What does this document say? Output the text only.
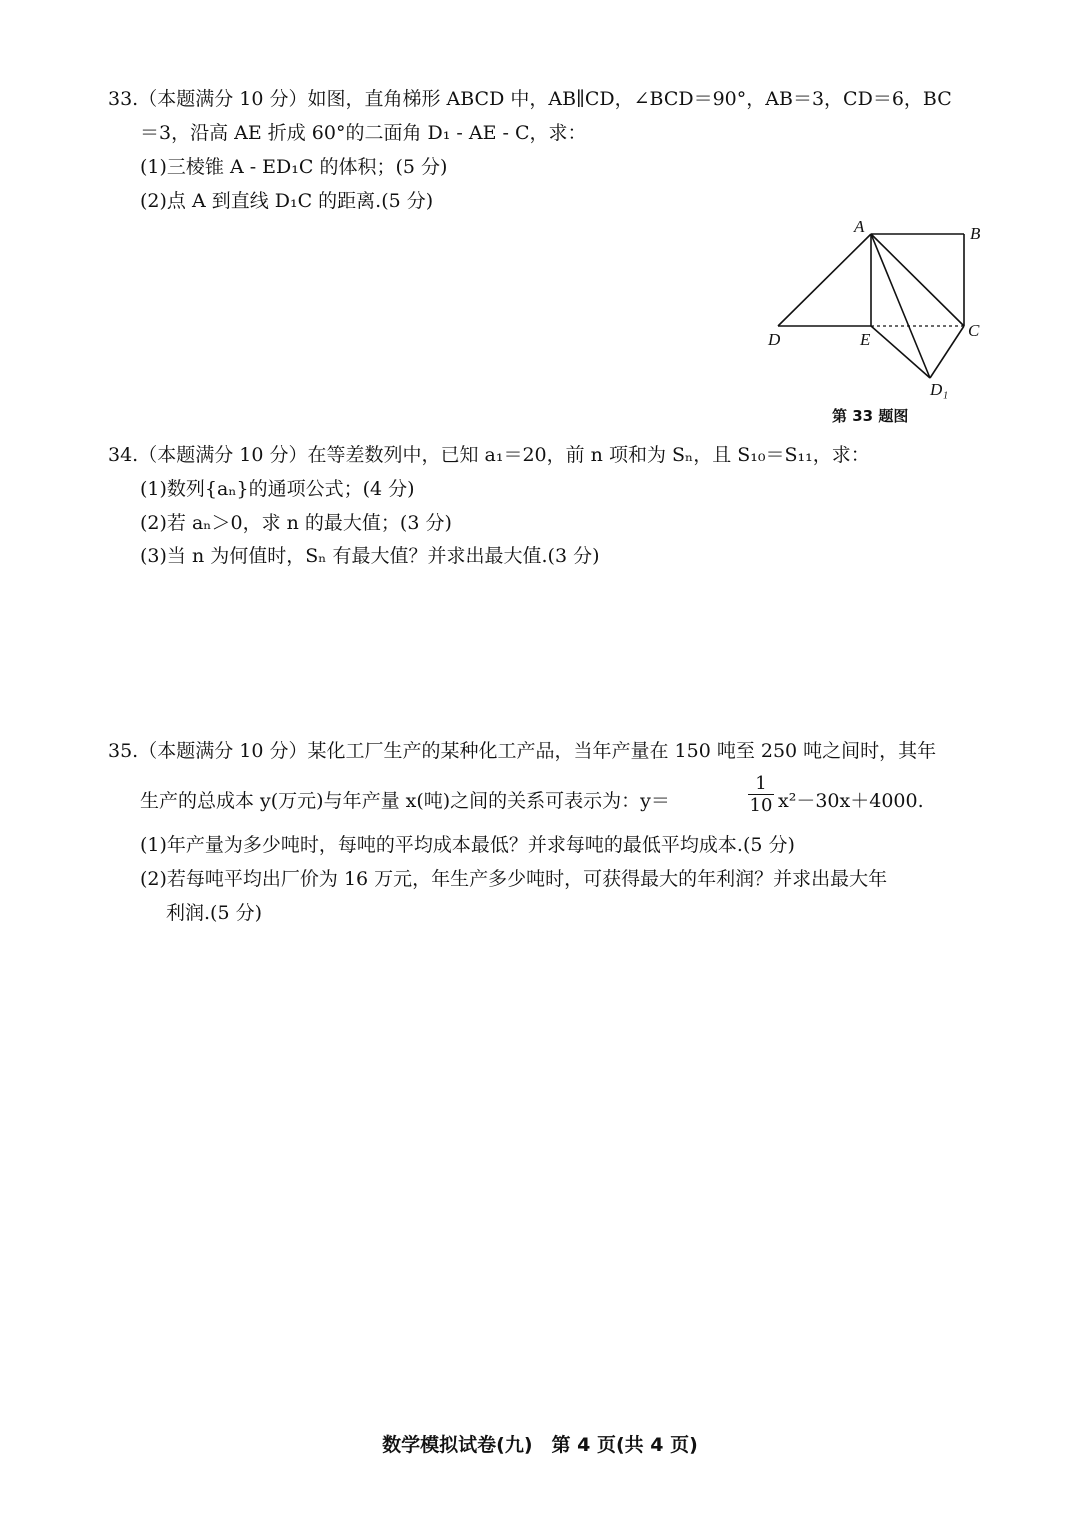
33.（本题满分 10 分）如图，直角梯形 ABCD 中，AB∥CD，∠BCD＝90°，AB＝3，CD＝6，BC
＝3，沿高 AE 折成 60°的二面角 D₁ - AE - C，求：
(1)三棱锥 A - ED₁C 的体积；(5 分)
(2)点 A 到直线 D₁C 的距离.(5 分)
A	B
C
D	E
D₁
第 33 题图
34.（本题满分 10 分）在等差数列中，已知 a₁＝20，前 n 项和为 Sₙ，且 S₁₀＝S₁₁，求：
(1)数列{aₙ}的通项公式；(4 分)
(2)若 aₙ＞0，求 n 的最大值；(3 分)
(3)当 n 为何值时，Sₙ 有最大值？并求出最大值.(3 分)
35.（本题满分 10 分）某化工厂生产的某种化工产品，当年产量在 150 吨至 250 吨之间时，其年
生产的总成本 y(万元)与年产量 x(吨)之间的关系可表示为：y＝	$\frac{1}{10} x^2-30x+4000$.
(1)年产量为多少吨时，每吨的平均成本最低？并求每吨的最低平均成本.(5 分)
(2)若每吨平均出厂价为 16 万元，年生产多少吨时，可获得最大的年利润？并求出最大年
利润.(5 分)
数学模拟试卷(九)　第 4 页(共 4 页)
